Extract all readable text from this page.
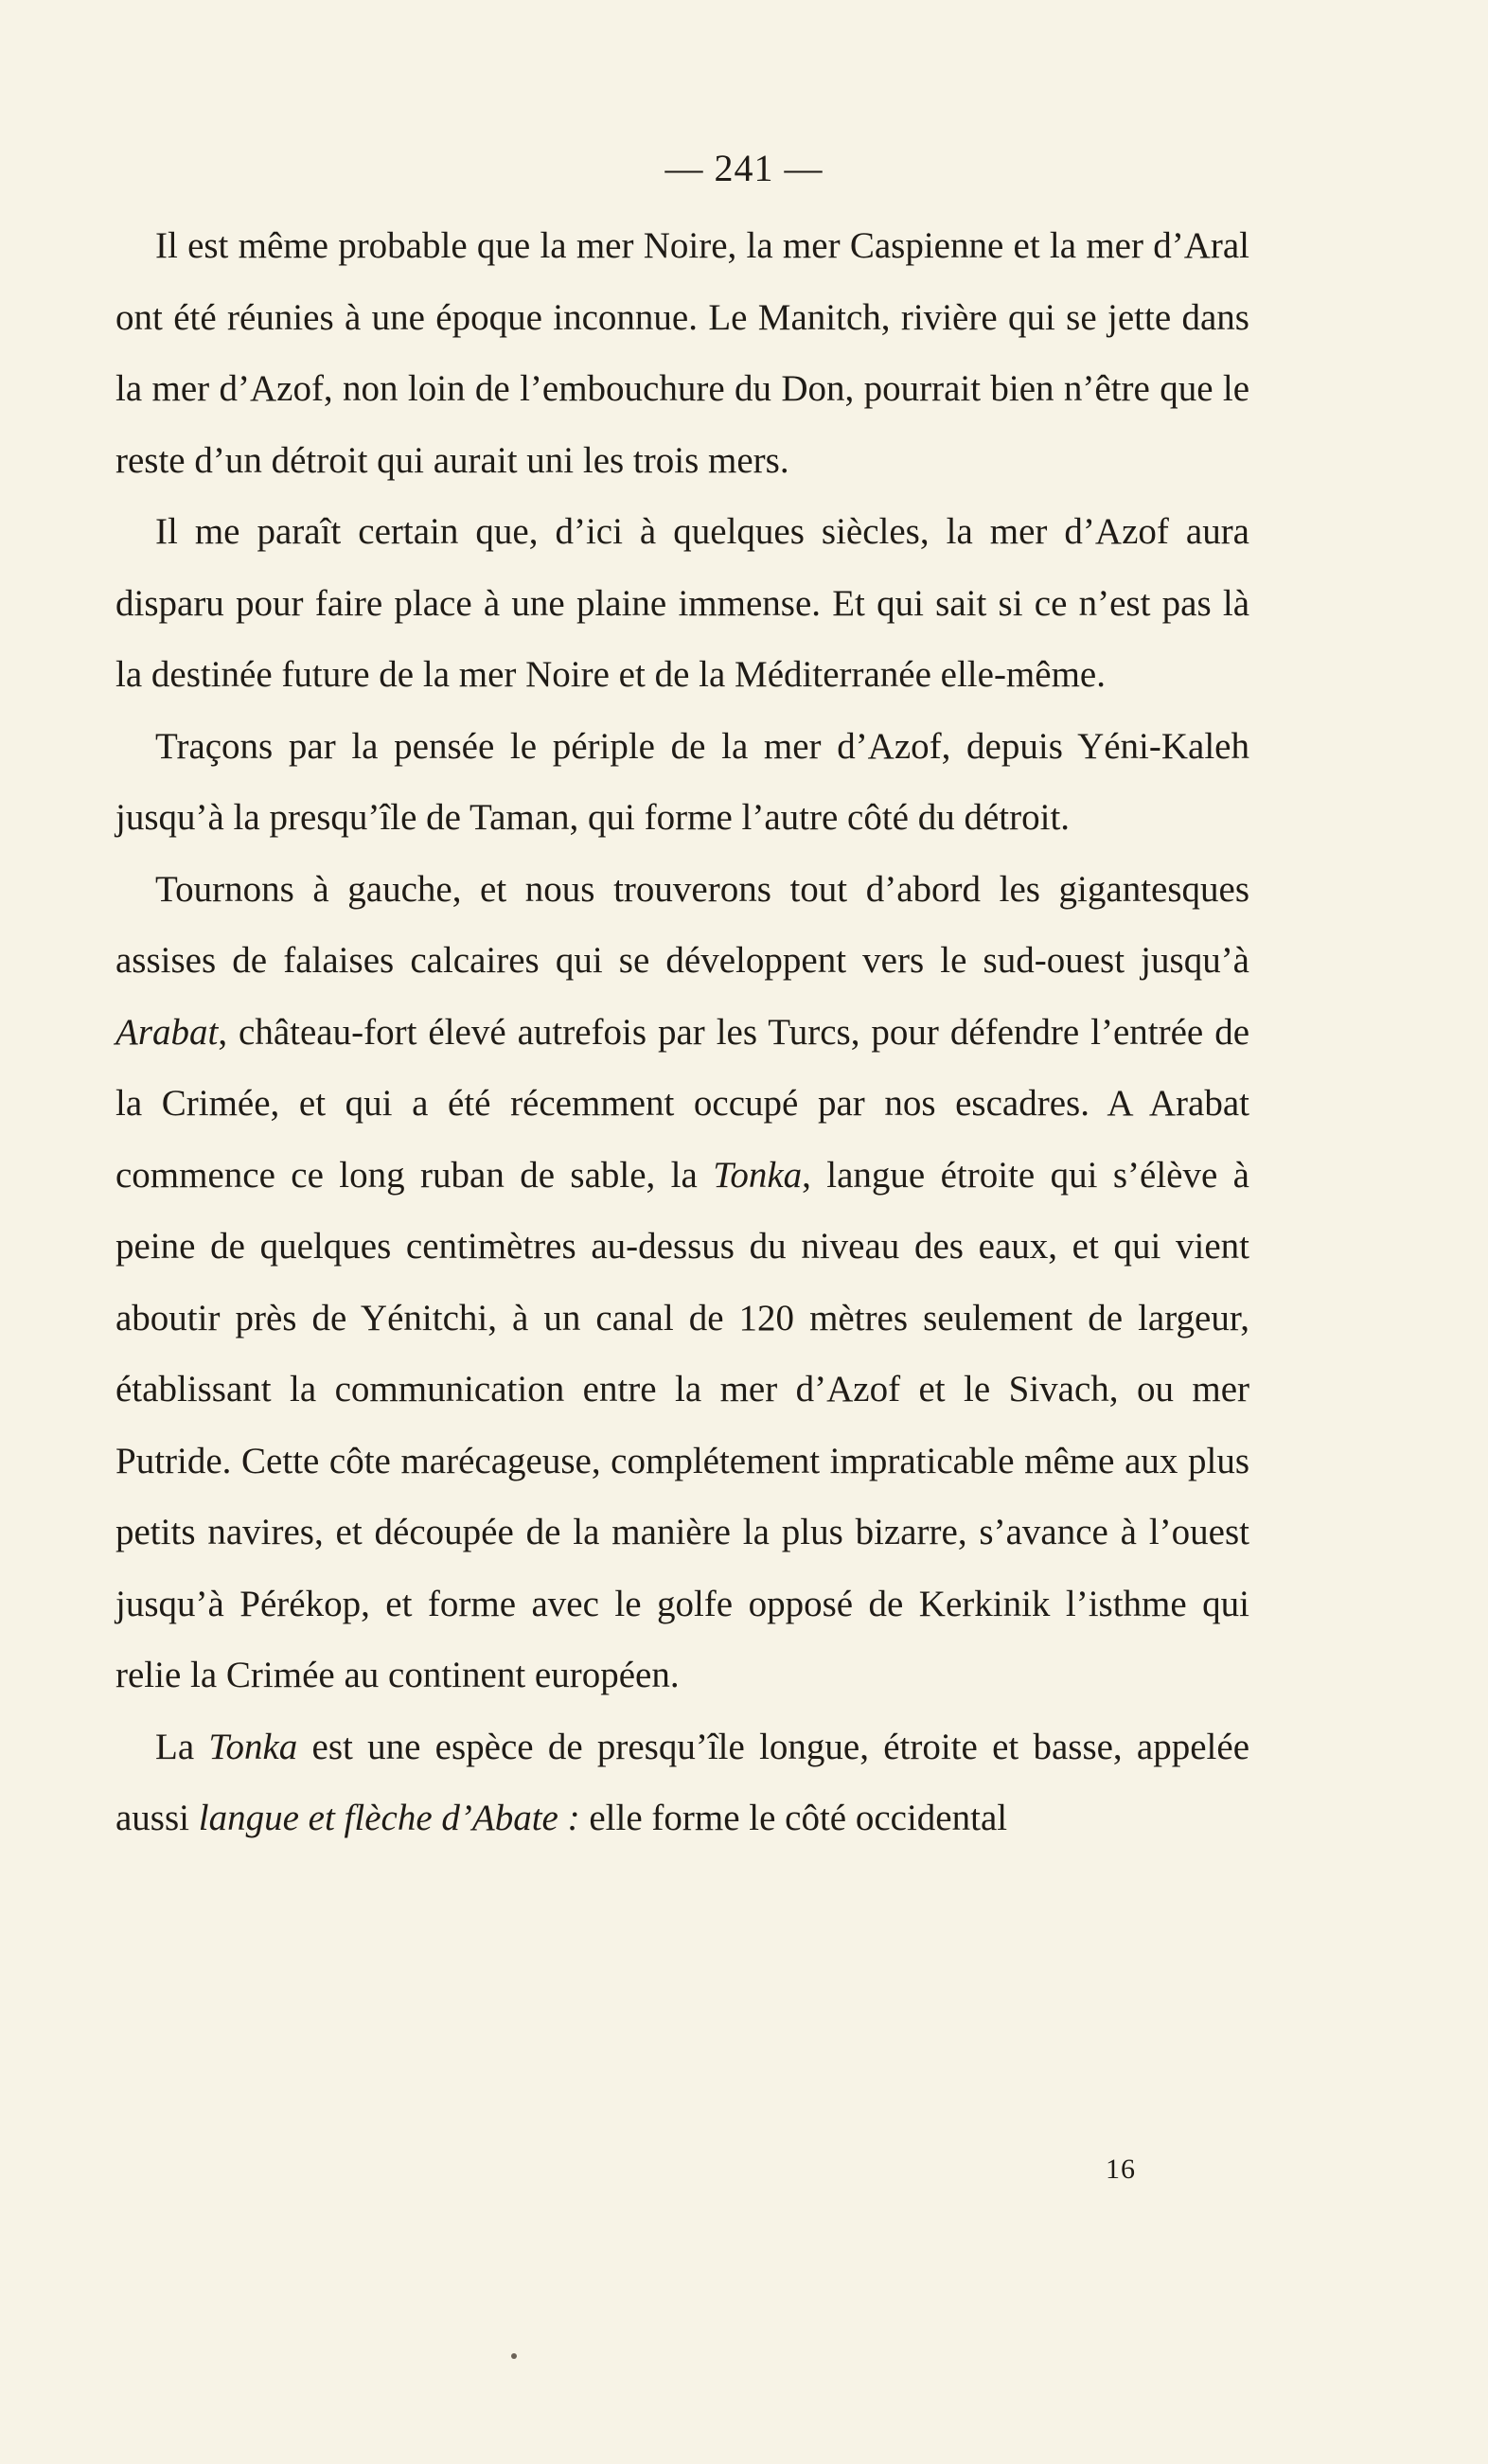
— 241 —

Il est même probable que la mer Noire, la mer Caspienne et la mer d’Aral ont été réunies à une époque inconnue. Le Manitch, rivière qui se jette dans la mer d’Azof, non loin de l’embouchure du Don, pourrait bien n’être que le reste d’un détroit qui aurait uni les trois mers.

Il me paraît certain que, d’ici à quelques siècles, la mer d’Azof aura disparu pour faire place à une plaine immense. Et qui sait si ce n’est pas là la destinée future de la mer Noire et de la Méditerranée elle-même.

Traçons par la pensée le périple de la mer d’Azof, depuis Yéni-Kaleh jusqu’à la presqu’île de Taman, qui forme l’autre côté du détroit.

Tournons à gauche, et nous trouverons tout d’abord les gigantesques assises de falaises calcaires qui se développent vers le sud-ouest jusqu’à Arabat, château-fort élevé autrefois par les Turcs, pour défendre l’entrée de la Crimée, et qui a été récemment occupé par nos escadres. A Arabat commence ce long ruban de sable, la Tonka, langue étroite qui s’élève à peine de quelques centimètres au-dessus du niveau des eaux, et qui vient aboutir près de Yénitchi, à un canal de 120 mètres seulement de largeur, établissant la communication entre la mer d’Azof et le Sivach, ou mer Putride. Cette côte marécageuse, complétement impraticable même aux plus petits navires, et découpée de la manière la plus bizarre, s’avance à l’ouest jusqu’à Pérékop, et forme avec le golfe opposé de Kerkinik l’isthme qui relie la Crimée au continent européen.

La Tonka est une espèce de presqu’île longue, étroite et basse, appelée aussi langue et flèche d’Abate : elle forme le côté occidental

16
